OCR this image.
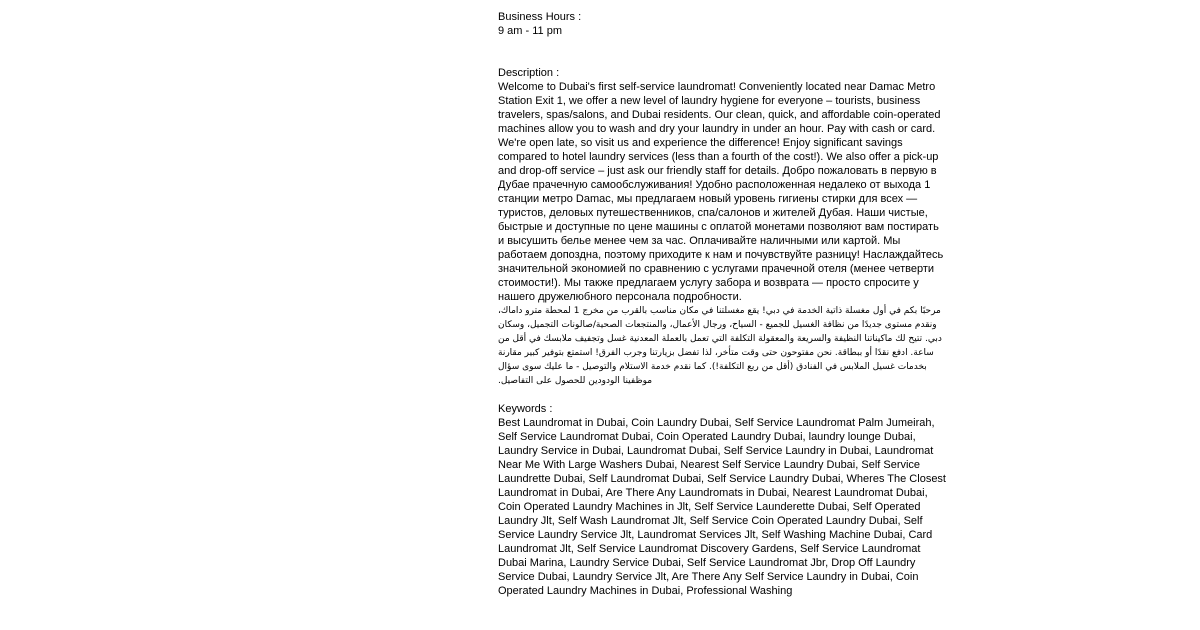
Business Hours :
9 am - 11 pm
Description :
Welcome to Dubai's first self-service laundromat! Conveniently located near Damac Metro Station Exit 1, we offer a new level of laundry hygiene for everyone – tourists, business travelers, spas/salons, and Dubai residents. Our clean, quick, and affordable coin-operated machines allow you to wash and dry your laundry in under an hour. Pay with cash or card. We're open late, so visit us and experience the difference! Enjoy significant savings compared to hotel laundry services (less than a fourth of the cost!). We also offer a pick-up and drop-off service – just ask our friendly staff for details. Добро пожаловать в первую в Дубае прачечную самообслуживания! Удобно расположенная недалеко от выхода 1 станции метро Damac, мы предлагаем новый уровень гигиены стирки для всех — туристов, деловых путешественников, спа/салонов и жителей Дубая. Наши чистые, быстрые и доступные по цене машины с оплатой монетами позволяют вам постирать и высушить белье менее чем за час. Оплачивайте наличными или картой. Мы работаем допоздна, поэтому приходите к нам и почувствуйте разницу! Наслаждайтесь значительной экономией по сравнению с услугами прачечной отеля (менее четверти стоимости!). Мы также предлагаем услугу забора и возврата — просто спросите у нашего дружелюбного персонала подробности.
مرحبًا بكم في أول مغسلة ذاتية الخدمة في دبي! يقع مغسلتنا في مكان مناسب بالقرب من مخرج 1 لمحطة مترو داماك، ونقدم مستوى جديدًا من نظافة الغسيل للجميع - السياح، ورجال الأعمال، والمنتجعات الصحية/صالونات التجميل، وسكان دبي. تتيح لك ماكيناتنا النظيفة والسريعة والمعقولة التكلفة التي تعمل بالعملة المعدنية غسل وتجفيف ملابسك في أقل من ساعة. ادفع نقدًا أو ببطاقة. نحن مفتوحون حتى وقت متأخر، لذا تفضل بزيارتنا وجرب الفرق! استمتع بتوفير كبير مقارنة بخدمات غسيل الملابس في الفنادق (أقل من ربع التكلفة!). كما نقدم خدمة الاستلام والتوصيل - ما عليك سوى سؤال موظفينا الودودين للحصول على التفاصيل.
Keywords :
Best Laundromat in Dubai, Coin Laundry Dubai, Self Service Laundromat Palm Jumeirah, Self Service Laundromat Dubai, Coin Operated Laundry Dubai, laundry lounge Dubai, Laundry Service in Dubai, Laundromat Dubai, Self Service Laundry in Dubai, Laundromat Near Me With Large Washers Dubai, Nearest Self Service Laundry Dubai, Self Service Laundrette Dubai, Self Laundromat Dubai, Self Service Laundry Dubai, Wheres The Closest Laundromat in Dubai, Are There Any Laundromats in Dubai, Nearest Laundromat Dubai, Coin Operated Laundry Machines in Jlt, Self Service Launderette Dubai, Self Operated Laundry Jlt, Self Wash Laundromat Jlt, Self Service Coin Operated Laundry Dubai, Self Service Laundry Service Jlt, Laundromat Services Jlt, Self Washing Machine Dubai, Card Laundromat Jlt, Self Service Laundromat Discovery Gardens, Self Service Laundromat Dubai Marina, Laundry Service Dubai, Self Service Laundromat Jbr, Drop Off Laundry Service Dubai, Laundry Service Jlt, Are There Any Self Service Laundry in Dubai, Coin Operated Laundry Machines in Dubai, Professional Washing
